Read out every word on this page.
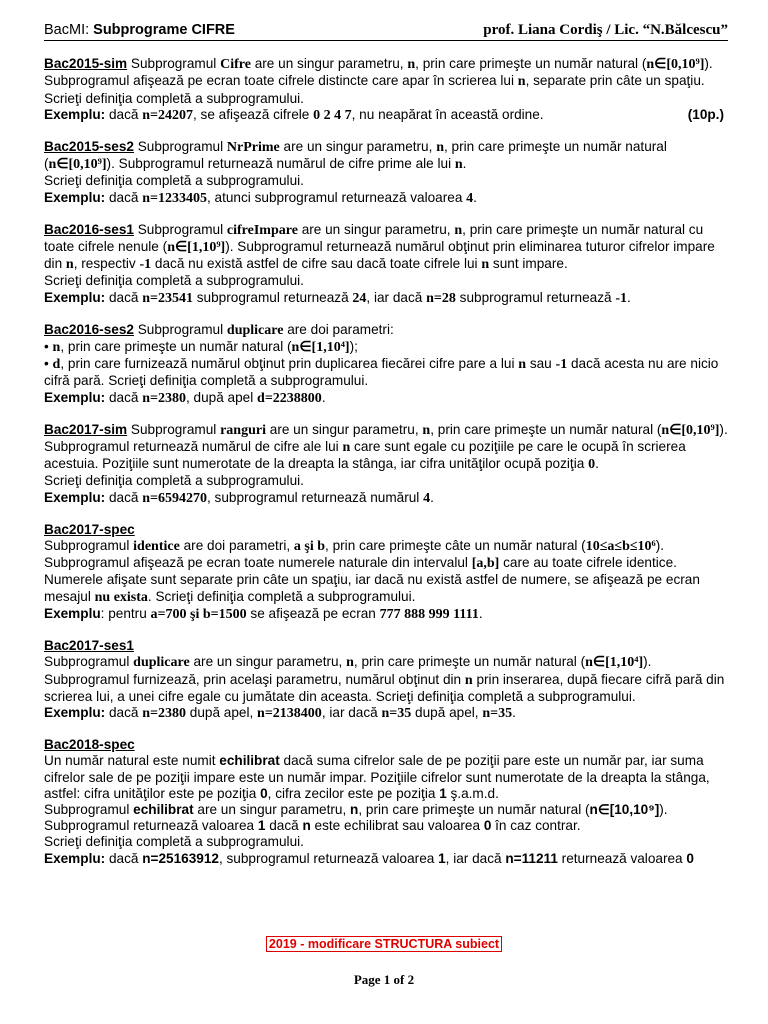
BacMI: Subprograme CIFRE	prof. Liana Cordiş / Lic. “N.Bălcescu”

Bac2015-sim Subprogramul Cifre are un singur parametru, n, prin care primeşte un număr natural (n∈[0,10⁹]). Subprogramul afişează pe ecran toate cifrele distincte care apar în scrierea lui n, separate prin câte un spaţiu. Scrieţi definiţia completă a subprogramului.

Exemplu: dacă n=24207, se afişează cifrele 0 2 4 7, nu neapărat în această ordine.	(10p.)

Bac2015-ses2 Subprogramul NrPrime are un singur parametru, n, prin care primeşte un număr natural (n∈[0,10⁹]). Subprogramul returnează numărul de cifre prime ale lui n.

Scrieţi definiţia completă a subprogramului.

Exemplu: dacă n=1233405, atunci subprogramul returnează valoarea 4.

Bac2016-ses1 Subprogramul cifreImpare are un singur parametru, n, prin care primeşte un număr natural cu toate cifrele nenule (n∈[1,10⁹]). Subprogramul returnează numărul obţinut prin eliminarea tuturor cifrelor impare din n, respectiv -1 dacă nu există astfel de cifre sau dacă toate cifrele lui n sunt impare.

Scrieţi definiţia completă a subprogramului.

Exemplu: dacă n=23541 subprogramul returnează 24, iar dacă n=28 subprogramul returnează -1.

Bac2016-ses2 Subprogramul duplicare are doi parametri:

• n, prin care primeşte un număr natural (n∈[1,10⁴]);

• d, prin care furnizează numărul obţinut prin duplicarea fiecărei cifre pare a lui n sau -1 dacă acesta nu are nicio cifră pară. Scrieţi definiţia completă a subprogramului.

Exemplu: dacă n=2380, după apel d=2238800.

Bac2017-sim Subprogramul ranguri are un singur parametru, n, prin care primeşte un număr natural (n∈[0,10⁹]). Subprogramul returnează numărul de cifre ale lui n care sunt egale cu poziţiile pe care le ocupă în scrierea acestuia. Poziţiile sunt numerotate de la dreapta la stânga, iar cifra unităţilor ocupă poziţia 0.

Scrieţi definiţia completă a subprogramului.

Exemplu: dacă n=6594270, subprogramul returnează numărul 4.

Bac2017-spec

Subprogramul identice are doi parametri, a şi b, prin care primeşte câte un număr natural (10≤a≤b≤10⁶). Subprogramul afişează pe ecran toate numerele naturale din intervalul [a,b] care au toate cifrele identice. Numerele afişate sunt separate prin câte un spaţiu, iar dacă nu există astfel de numere, se afişează pe ecran mesajul nu exista. Scrieţi definiţia completă a subprogramului.

Exemplu: pentru a=700 şi b=1500 se afişează pe ecran 777 888 999 1111.

Bac2017-ses1

Subprogramul duplicare are un singur parametru, n, prin care primeşte un număr natural (n∈[1,10⁴]). Subprogramul furnizează, prin acelaşi parametru, numărul obţinut din n prin inserarea, după fiecare cifră pară din scrierea lui, a unei cifre egale cu jumătate din aceasta. Scrieţi definiţia completă a subprogramului.

Exemplu: dacă n=2380 după apel, n=2138400, iar dacă n=35 după apel, n=35.

Bac2018-spec

Un număr natural este numit echilibrat dacă suma cifrelor sale de pe poziţii pare este un număr par, iar suma cifrelor sale de pe poziţii impare este un număr impar. Poziţiile cifrelor sunt numerotate de la dreapta la stânga, astfel: cifra unităţilor este pe poziţia 0, cifra zecilor este pe poziţia 1 ş.a.m.d.

Subprogramul echilibrat are un singur parametru, n, prin care primeşte un număr natural (n∈[10,10⁹]).

Subprogramul returnează valoarea 1 dacă n este echilibrat sau valoarea 0 în caz contrar.

Scrieţi definiţia completă a subprogramului.

Exemplu: dacă n=25163912, subprogramul returnează valoarea 1, iar dacă n=11211 returnează valoarea 0

2019 - modificare STRUCTURA subiect
Page 1 of 2
